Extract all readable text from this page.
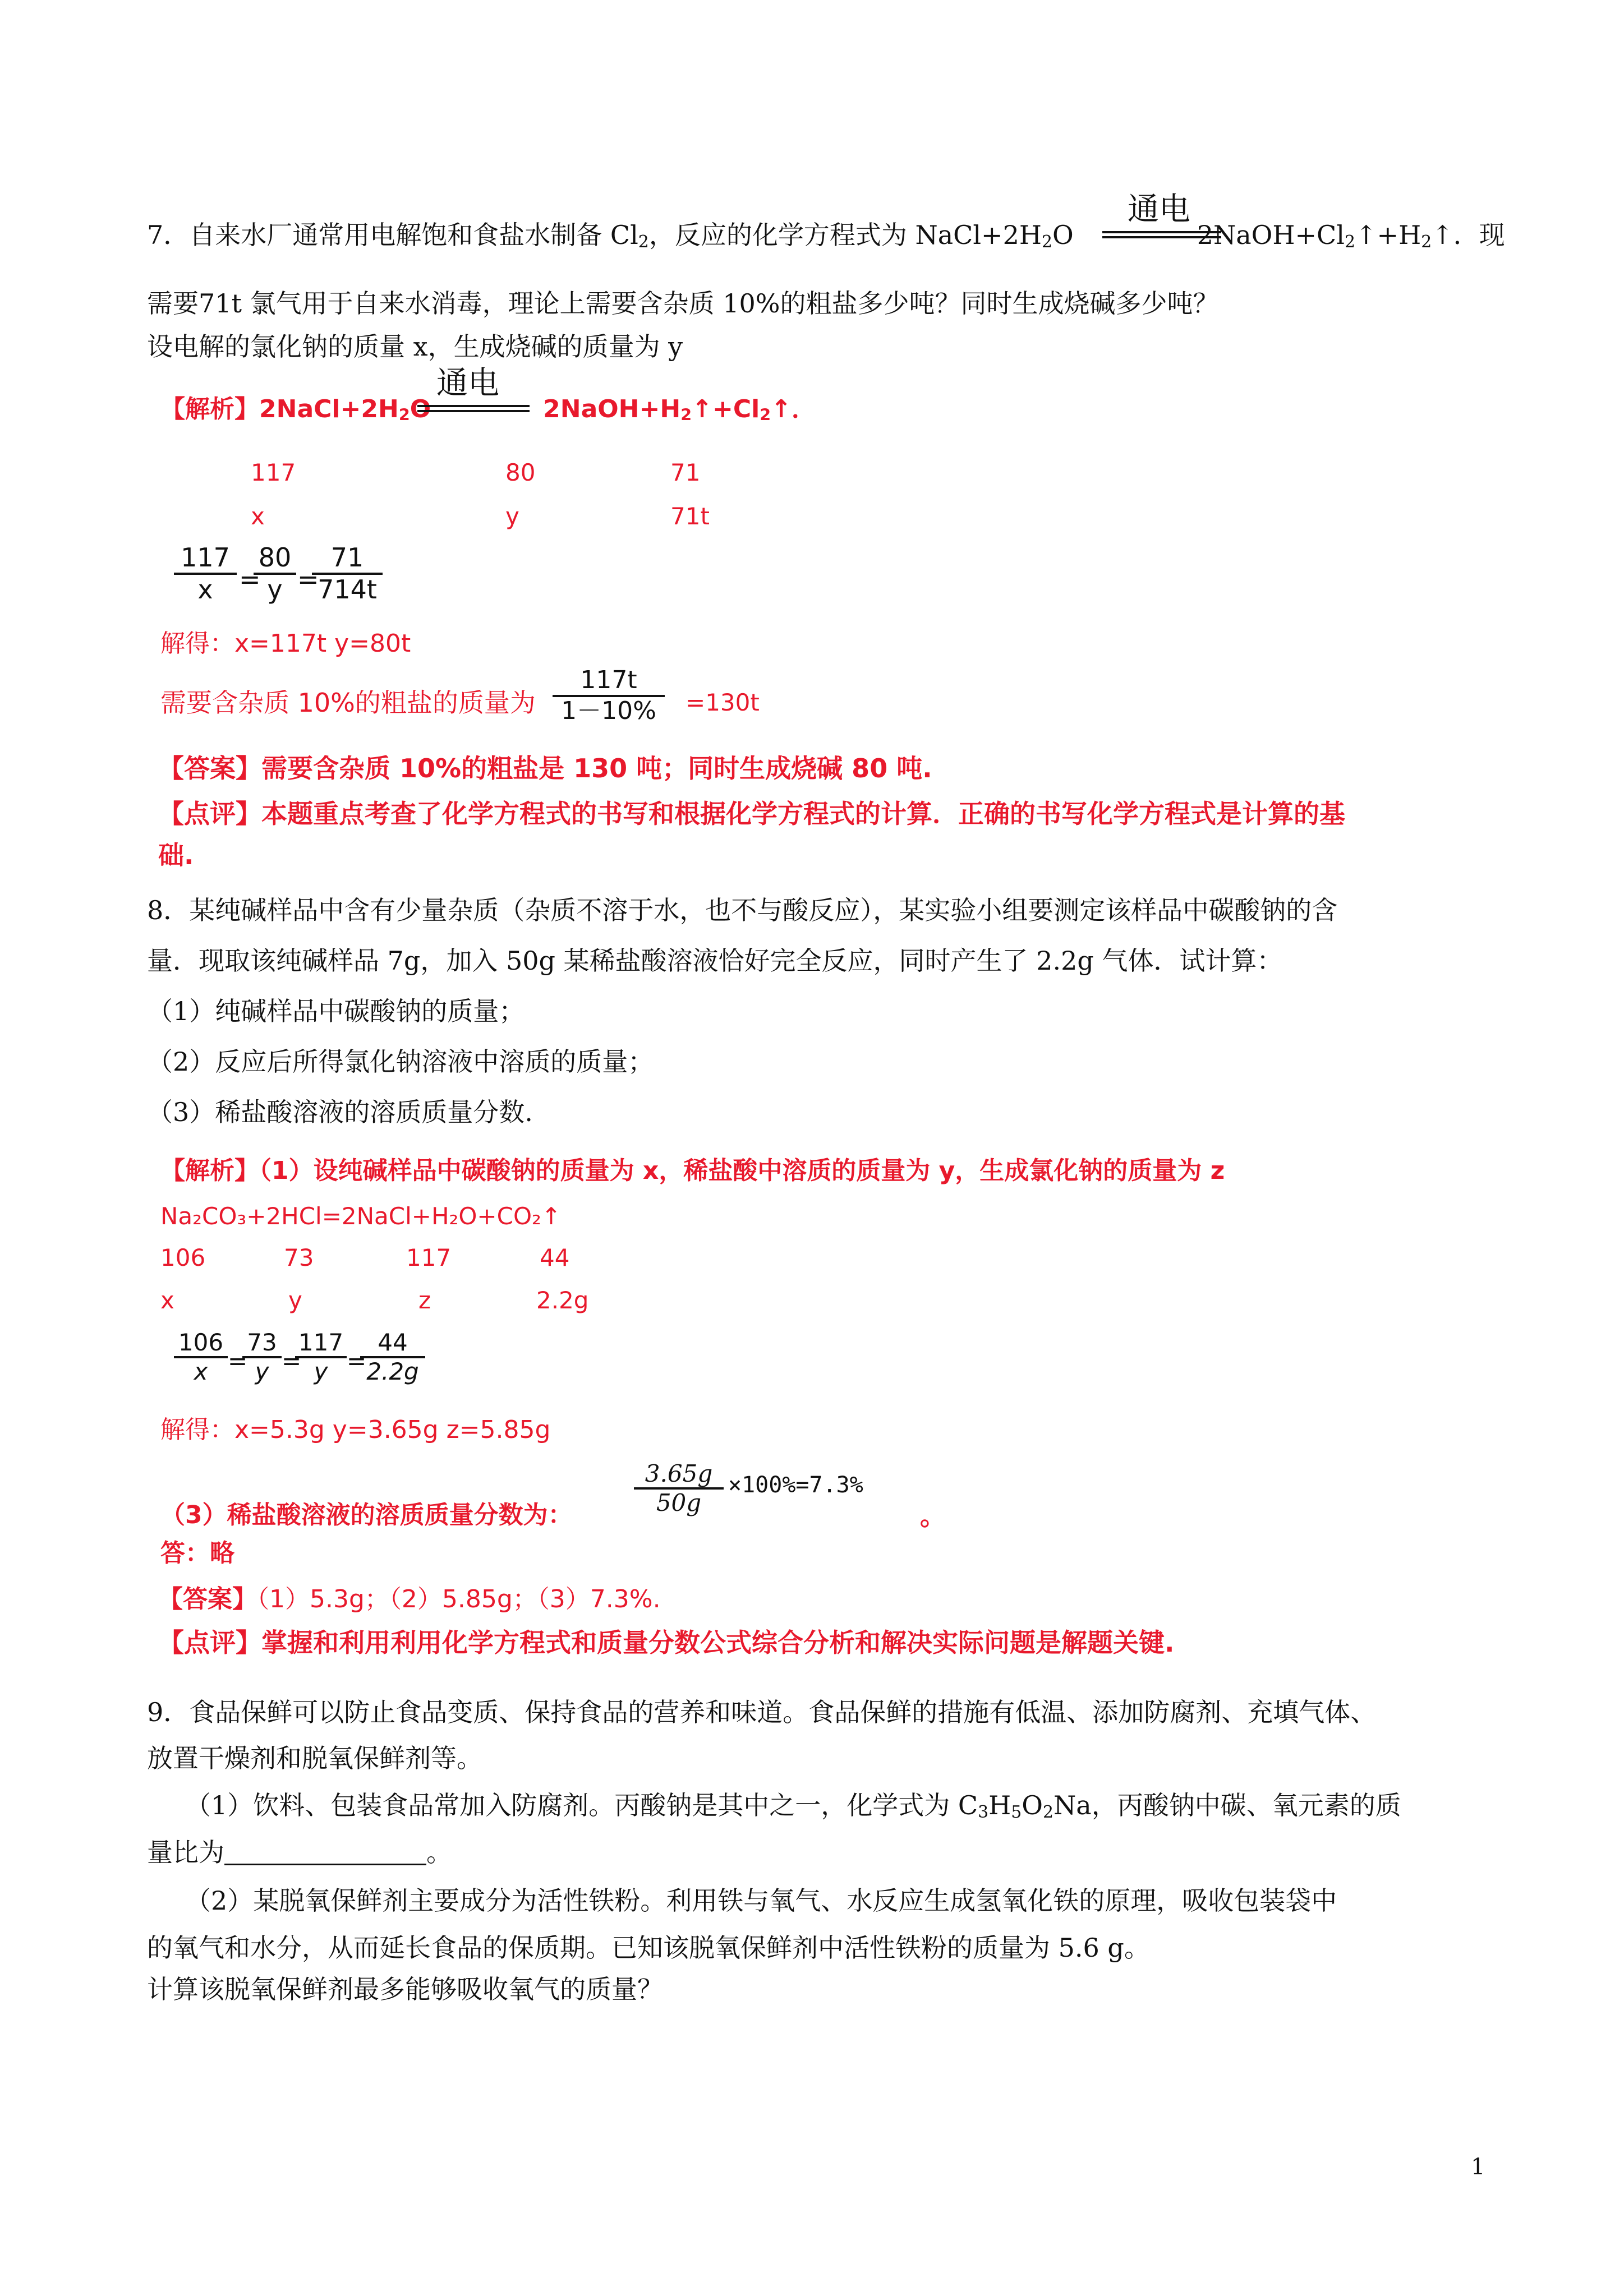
7．自来水厂通常用电解饱和食盐水制备 $Cl_2$，反应的化学方程式为 $NaCl+2H_2O$	$2NaOH+Cl_2↑+H_2↑$．现
通电
需要71t 氯气用于自来水消毒，理论上需要含杂质 10%的粗盐多少吨？同时生成烧碱多少吨？
设电解的氯化钠的质量 x，生成烧碱的质量为 y
【解析】$2NaCl+2H_2O$	$2NaOH+H_2↑+Cl_2↑$．
通电
117	80	71
x	y	71t
117
x	=
80
y =
71
714t
解得：x=117t y=80t
需要含杂质 10%的粗盐的质量为
117t
1－10%	=130t
【答案】需要含杂质 10%的粗盐是 130 吨；同时生成烧碱 80 吨.
【点评】本题重点考查了化学方程式的书写和根据化学方程式的计算．正确的书写化学方程式是计算的基
础.
8．某纯碱样品中含有少量杂质（杂质不溶于水，也不与酸反应），某实验小组要测定该样品中碳酸钠的含
量．现取该纯碱样品 7g，加入 50g 某稀盐酸溶液恰好完全反应，同时产生了 2.2g 气体．试计算：
（1）纯碱样品中碳酸钠的质量；
（2）反应后所得氯化钠溶液中溶质的质量；
（3）稀盐酸溶液的溶质质量分数.
【解析】（1）设纯碱样品中碳酸钠的质量为 x，稀盐酸中溶质的质量为 y，生成氯化钠的质量为 z
Na₂CO₃+2HCl=2NaCl+H₂O+CO₂↑
106	73	117	44
x	y	z	2.2g
106
x =
73
y =
117
y =
44
2.2g
解得：x=5.3g y=3.65g z=5.85g
（3）稀盐酸溶液的溶质质量分数为：
3.65g
50g
×100%=7.3%
。
答：略
【答案】（1）5.3g；（2）5.85g；（3）7.3%.
【点评】掌握和利用利用化学方程式和质量分数公式综合分析和解决实际问题是解题关键.
9．食品保鲜可以防止食品变质、保持食品的营养和味道。食品保鲜的措施有低温、添加防腐剂、充填气体、
放置干燥剂和脱氧保鲜剂等。
（1）饮料、包装食品常加入防腐剂。丙酸钠是其中之一，化学式为 $C_3H_5O_2Na$，丙酸钠中碳、氧元素的质
量比为	。
（2）某脱氧保鲜剂主要成分为活性铁粉。利用铁与氧气、水反应生成氢氧化铁的原理，吸收包装袋中
的氧气和水分，从而延长食品的保质期。已知该脱氧保鲜剂中活性铁粉的质量为 5.6 g。
计算该脱氧保鲜剂最多能够吸收氧气的质量？
1
